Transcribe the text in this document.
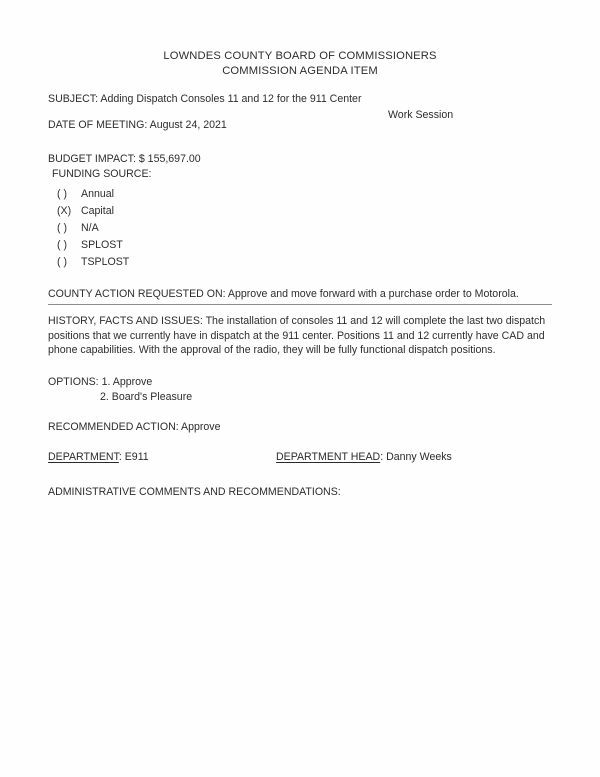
LOWNDES COUNTY BOARD OF COMMISSIONERS
COMMISSION AGENDA ITEM
SUBJECT: Adding Dispatch Consoles 11 and 12 for the 911 Center
DATE OF MEETING: August 24, 2021
Work Session
BUDGET IMPACT: $ 155,697.00
FUNDING SOURCE:
( ) Annual
(X) Capital
( ) N/A
( ) SPLOST
( ) TSPLOST
COUNTY ACTION REQUESTED ON: Approve and move forward with a purchase order to Motorola.

HISTORY, FACTS AND ISSUES: The installation of consoles 11 and 12 will complete the last two dispatch positions that we currently have in dispatch at the 911 center. Positions 11 and 12 currently have CAD and phone capabilities. With the approval of the radio, they will be fully functional dispatch positions.

OPTIONS: 1. Approve
2. Board's Pleasure
RECOMMENDED ACTION: Approve
DEPARTMENT: E911	DEPARTMENT HEAD: Danny Weeks
ADMINISTRATIVE COMMENTS AND RECOMMENDATIONS:
